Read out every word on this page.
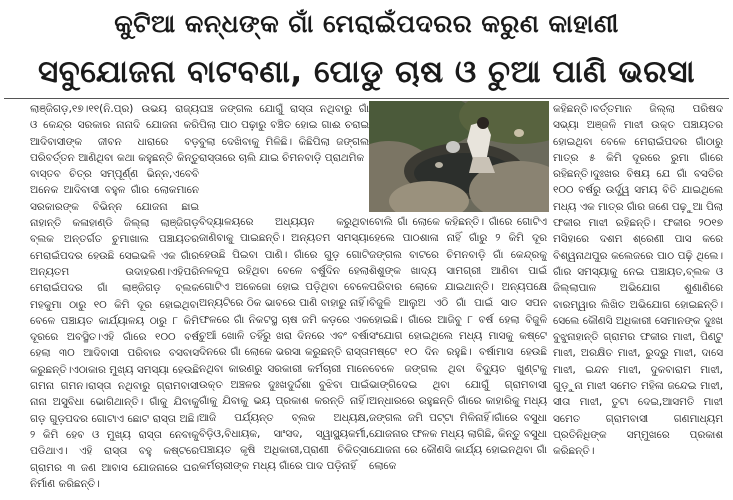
କୁଟିଆ କନ୍ଧଙ୍କ ଗାଁ ମେରାଇଁପଦରର କରୁଣ କାହାଣୀ
ସବୁଯୋଜନା ବାଟବଣା, ପୋଡୁ ଚାଷ ଓ ଚୁଆ ପାଣି ଭରସା

ଲାଞ୍ଜିଗଡ଼,୧୭।୧୧(ନି.ପ୍ର) ଉଭୟ ରାଜ୍ୟ ଓ କେନ୍ଦ୍ର ସରକାର ନାନାଦି ଯୋଜନା କରି ଆଦିବାସୀଙ୍କ ଜୀବନ ଧାରାରେ ବଡ଼ ପରିବର୍ତ୍ତନ ଆଣିଥିବା କଥା କହୁଛନ୍ତି କିନ୍ତୁ ବାସ୍ତବ ଚିତ୍ର ସମ୍ପୂର୍ଣ୍ଣ ଭିନ୍ନ,ଏବେବି ଅନେକ ଆଦିବାସୀ ବହୁଳ ଗାଁର ଲୋକମାନେ ସରକାରଙ୍କ ବିଭିନ୍ନ ଯୋଜନା ଛାଇ ନାହାନ୍ତି କଳାହାଣ୍ଡି ଜିଲ୍ଲା ଲାଞ୍ଜିଗଡ଼ ବ୍ଲକ ଅନ୍ତର୍ଗତ ଚୁମାଖାଲ ପଞ୍ଚାୟତର ମେରାଇଁପଦର ହେଉଛି ସେଇଭଳି ଏକ ଗାଁର ଅନ୍ୟତମ ଉଦାହରଣ।ଏହିପରି ମେରାଇଁପଦର ଗାଁ ଲାଞ୍ଜିଗଡ଼ ବ୍ଲକ ମହକୁମା ଠାରୁ ୧୦ କିମି ଦୂର ହୋଇଥିବା ବେଳେ ପଞ୍ଚାୟତ କାର୍ଯ୍ୟାଳୟ ଠାରୁ ୮ କିମି ଦୂରରେ ଅବସ୍ଥିତ।ଏହି ଗାଁରେ ୧୦୦ ବର୍ଷ ହେଲା ୩୦ ଆଦିବାସୀ ପରିବାର ବସବାସ କରୁଛନ୍ତି।ଏଠାକାର ମୁଖ୍ୟ ସମସ୍ୟା ହେଉଛି ଗମନା ଗମନ।ରାସ୍ତା ନଥିବାରୁ ଗ୍ରାମବାସୀ ନାନା ଅସୁବିଧା ଭୋଗିଥାନ୍ତି। ଗାଁକୁ ଯିବାକୁ ଗଡ଼ ଗୁଡ଼ପଦର ଗୋଟାଏ ଛୋଟ ରାସ୍ତା ଅଛି। ୨ କିମି ହେବ ଓ ମୁଖ୍ୟ ରାସ୍ତା ନେବାକୁ ପଡିଥାଏ। ଏହି ରାସ୍ତା ବହୁ କଷ୍ଟରେ ଗ୍ରାମର ୩ ଜଣ ଆବାସ ଯୋଜନାରେ ଘର ନିର୍ମାଣ କରିଛନ୍ତି।

ଘଞ୍ଚ ଜଙ୍ଗଲ ଯୋଗୁଁ ରାସ୍ତା ନଥିବାରୁ ଗାଁ ପିଲା ପାଠ ପଢ଼ାରୁ ବଞ୍ଚିତ ହୋଇ ଗାଈ ଚରାଇ ବୁଲା ଦେଖିବାକୁ ମିଳିଛି। କିଛିପିଲା ଜଙ୍ଗଲ ରାସ୍ତାରେ ଚାଲି ଯାଇ ଚିମନବାଡ଼ି ପ୍ରାଥମିକ

ବିଦ୍ୟାଳୟରେ ଅଧ୍ୟୟନ କରୁଥିବା ଜାଣିବାକୁ ପାଇଛନ୍ତି। ଅନ୍ୟତମ ସମସ୍ୟା ହେଉଛି ପିଇବା ପାଣି। ଗାଁରେ ଗୁଡ଼ ଗୋଟି ନଳକୂପ ରହିଥିବା ବେଳେ ବର୍ଷୁଦିନ ହେଲା ଗୋଟିଏ ଅକେଜୋ ହୋଇ ପଡ଼ିଥିବା ବେଳେ ଅନ୍ୟଟିରେ ଠିକ ଭାବରେ ପାଣି ବାହାରୁ ନାହିଁ। ଫଳରେ ଗାଁ ନିକଟସ୍ଥ ଚାଷ ଜମି କଡ଼ରେ ଏକ ଚୁଆଁ ଖୋଳି ତହିଁରୁ ଖରା ଦିନରେ ଏବଂ ବର୍ଷା ଦିନରେ ଗାଁ ଲୋକେ ଭରସା କରୁଛନ୍ତି ରାସ୍ତା ନଥିବା କାରଣରୁ ସରକାରୀ କର୍ମଚାରୀ ମାନେ ଉକ୍ତ ଅଞ୍ଚଳର ଦୁଃଖଦୁର୍ଦ୍ଦଶା ବୁଝିବା ପାଇଁ ଗାଁକୁ ଯିବାକୁ ଭୟ ପ୍ରକାଶ କରନ୍ତି ନାହିଁ। ଆଜି ପର୍ଯ୍ୟନ୍ତ ବ୍ଲକ ଅଧ୍ୟକ୍ଷ, ବିଡ଼ିଓ,ବିଧାୟକ, ସାଂସଦ, ସ୍ୱାସ୍ଥ୍ୟକର୍ମୀ, ପଞ୍ଚାୟତ କୃଷି ଅଧିକାରୀ,ପ୍ରାଣୀ ଚିକିତ୍ସା କର୍ମଚାରୀଙ୍କ ମଧ୍ୟ ଗାଁରେ ପାଦ ପଡ଼ିନାହିଁ

ବୋଲି ଗାଁ ଲୋକେ କହିଛନ୍ତି। ଗାଁରେ ଗୋଟିଏ ହେଲେ ପାଠଶାଳା ନାହିଁ ଗାଁରୁ ୨ କିମି ଦୂର ଜଙ୍ଗଲ ବାଟରେ ଚିମନବାଡ଼ି ଗାଁ କେନ୍ଦ୍ରକୁ ଶିଶୁଙ୍କ ଖାଦ୍ୟ ସାମଗ୍ରୀ ଆଣିବା ପାଇଁ ପରିବାର ଲୋକେ ଯାଇଥାନ୍ତି। ଅନ୍ୟପକ୍ଷେ ବିଜୁଳି ଆଲୁଅ ଏଠି ଗାଁ ପାଇଁ ସାତ ସପନ ହୋଇଛି। ଗାଁରେ ଆଜିବୁ ୮ ବର୍ଷ ହେଲା ବିଜୁଳି ସଂଯୋଗ ହୋଇଥିଲେ ମଧ୍ୟ ମାସକୁ କଷ୍ଟେ ମଷ୍ଟେ ୧୦ ଦିନ ରହୁଛି। ବର୍ଷାମାସ ହେଉଛି ବେଳେ ଜଙ୍ଗଲ ଥିବା ବିଦ୍ୟୁତ ଖୁଣ୍ଟକୁ ଭାଙ୍ଗିଦେଇ ଥିବା ଯୋଗୁଁ ଗ୍ରାମବାସୀ ଅନ୍ଧାରରେ ରହୁଛନ୍ତି ଗାଁରେ କାହାରିକୁ ମଧ୍ୟ ଜଙ୍ଗଲ ଜମି ପଟ୍ଟା ମିଳିନାହିଁ।ଗାଁରେ ବସୁଧା ଯୋଜନାର ଫଳକ ମଧ୍ୟ ଲାଗିଛି, କିନ୍ତୁ ବସୁଧା ଯୋଜନା ରେ କୌଣସି କାର୍ଯ୍ୟ ହୋଇନଥିବା ଗାଁ ଲୋକେ

କହିଛନ୍ତି।ବର୍ତ୍ତମାନ ଜିଲ୍ଲା ପରିଷଦ ସଭ୍ୟା ଅଞ୍ଜଳି ମାଝୀ ଉକ୍ତ ପଞ୍ଚାୟତର ହୋଇଥିବା ବେଳେ ମେରାଇଁପଦର ଗାଁଠାରୁ ମାତ୍ର ୫ କିମି ଦୂରରେ ରୁମା ଗାଁରେ ରହିଛନ୍ତି।ଦୁଃଖର ବିଷୟ ଯେ ଗାଁ ବସତିର ୧୦୦ ବର୍ଷରୁ ଉର୍ଦ୍ଧ୍ୱ ସମୟ ବିତି ଯାଇଥିଲେ ମଧ୍ୟ ଏକ ମାତ୍ର ଗାଁର ଜଣେ ପଢ଼ୁଆ ପିଲା ଫକୀର ମାଝୀ ରହିଛନ୍ତି। ଫକୀର ୨୦୧୭ ମସିହାରେ ଦଶମ ଶ୍ରେଣୀ ପାସ କରେ ବିଶ୍ୱନାଥପୁର କଲେଜରେ ପାଠ ପଢ଼ି ଥିଲେ।ଗାଁର ସମସ୍ୟାକୁ ନେଇ ପଞ୍ଚାୟତ,ବ୍ଲକ ଓ ଜିଲ୍ଲାପାଳ ଅଭିଯୋଗ ଶୁଣାଣିରେ ବାରମ୍ୱାର ଲିଖିତ ଅଭିଯୋଗ ହୋଇଛନ୍ତି।ସେଲେ କୌଣସି ଅଧିକାରୀ ସେମାନଙ୍କ ଦୁଃଖ ବୁଝୁନାହାନ୍ତି ଗ୍ରାମର ଫକୀର ମାଝୀ, ପିଣ୍ଟୁ ମାଝୀ, ଅରକ୍ଷିତ ମାଝୀ, ରୁଦ୍ରୁ ମାଝୀ, ଦାସେ ମାଝୀ, ଇନ୍ଦନ ମାଝୀ, ଦୁକବାରାମ ମାଝୀ, ଗୁଡ଼ୁନା ମାଝୀ ସମେତ ମହିଳା ଜନ୍ଦେଇ ମାଝୀ, ସୀତା ମାଝୀ, ତୁଟା ଦେଇ,ଆସମତି ମାଝୀ ସମେତ ଗ୍ରାମବାସୀ ଗଣମାଧ୍ୟମ ପ୍ରତିନିଧିଙ୍କ ସମ୍ମୁଖରେ ପ୍ରକାଶ କରିଛନ୍ତି।
